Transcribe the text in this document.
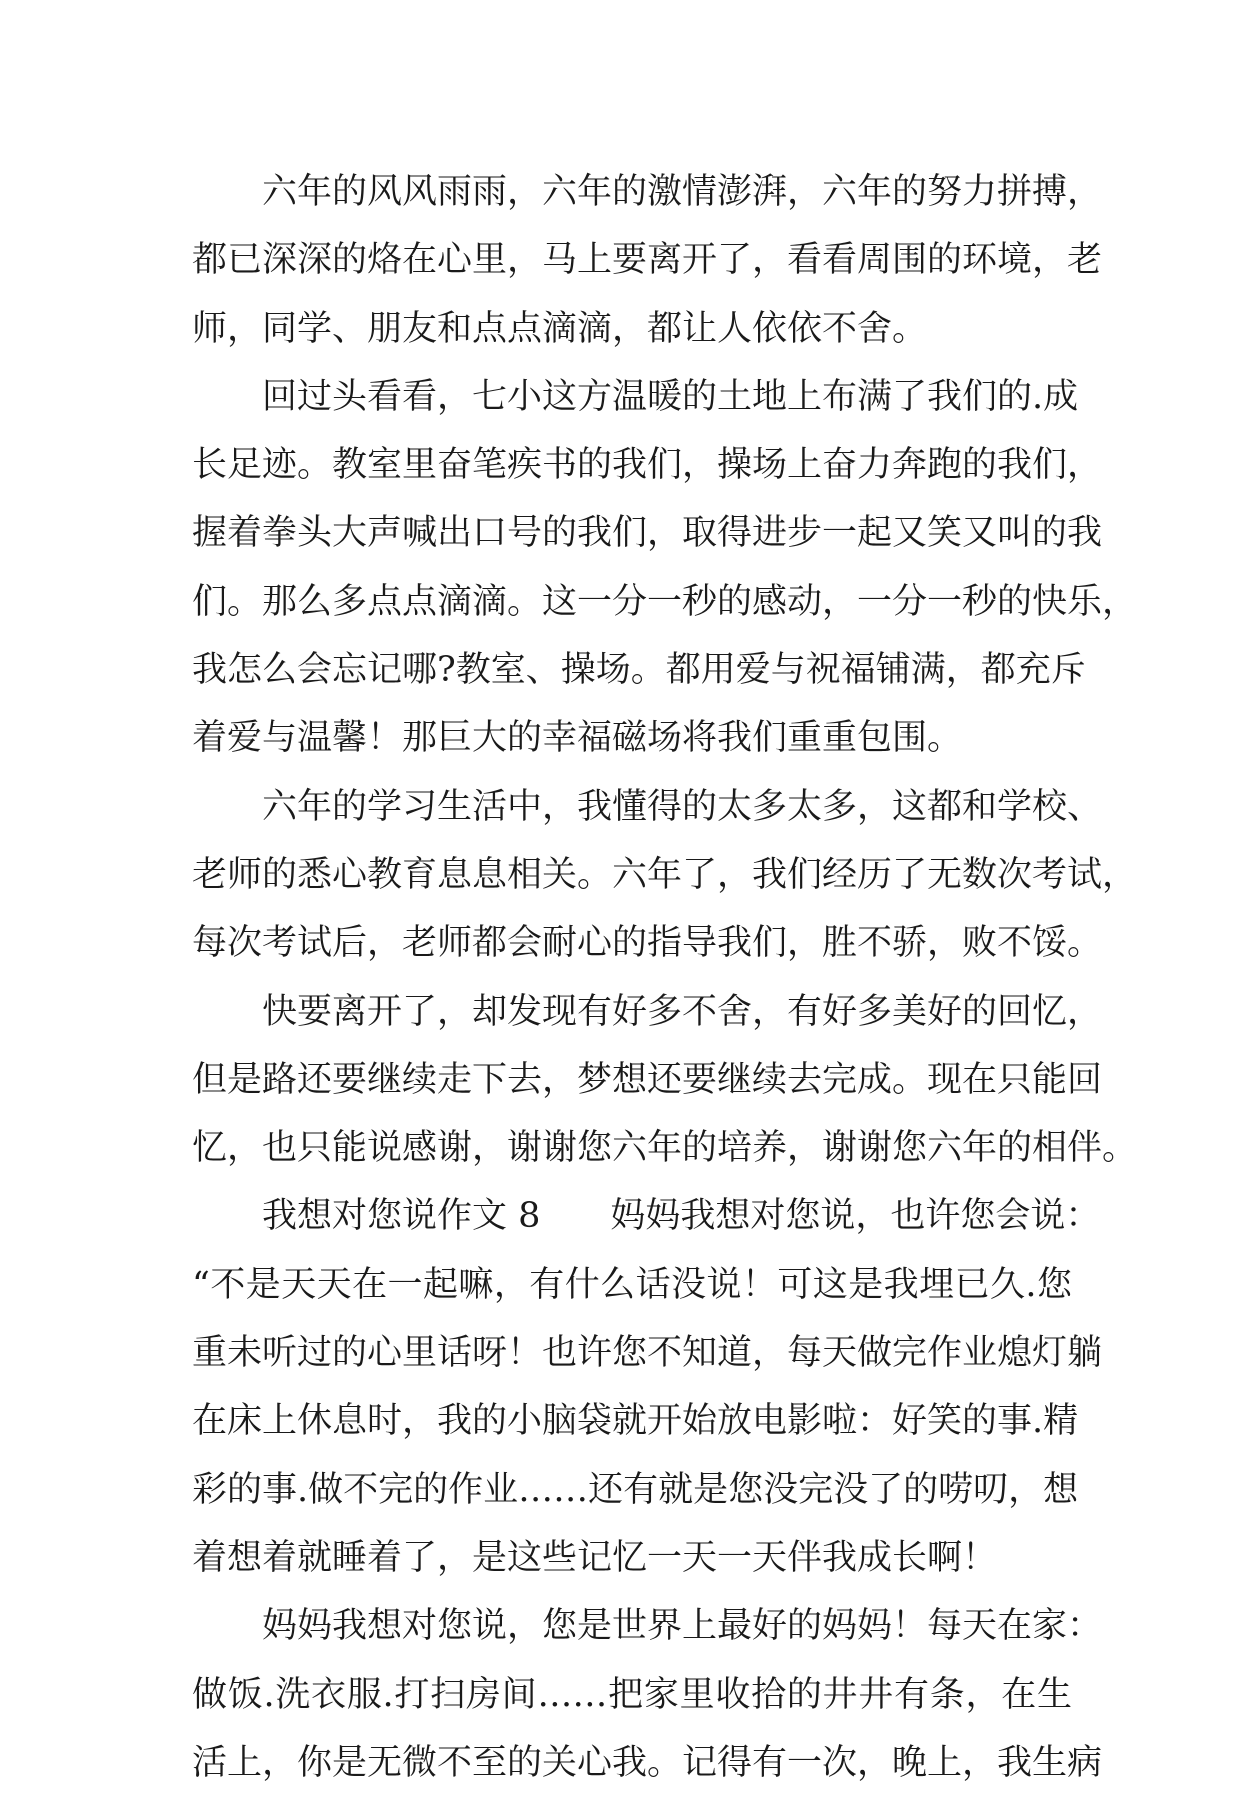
六年的风风雨雨，六年的激情澎湃，六年的努力拼搏，
都已深深的烙在心里，马上要离开了，看看周围的环境，老
师，同学、朋友和点点滴滴，都让人依依不舍。
回过头看看，七小这方温暖的土地上布满了我们的.成
长足迹。教室里奋笔疾书的我们，操场上奋力奔跑的我们，
握着拳头大声喊出口号的我们，取得进步一起又笑又叫的我
们。那么多点点滴滴。这一分一秒的感动，一分一秒的快乐，
我怎么会忘记哪?教室、操场。都用爱与祝福铺满，都充斥
着爱与温馨！那巨大的幸福磁场将我们重重包围。
六年的学习生活中，我懂得的太多太多，这都和学校、
老师的悉心教育息息相关。六年了，我们经历了无数次考试，
每次考试后，老师都会耐心的指导我们，胜不骄，败不馁。
快要离开了，却发现有好多不舍，有好多美好的回忆，
但是路还要继续走下去，梦想还要继续去完成。现在只能回
忆，也只能说感谢，谢谢您六年的培养，谢谢您六年的相伴。
我想对您说作文 8　　妈妈我想对您说，也许您会说：
“不是天天在一起嘛，有什么话没说！可这是我埋已久.您
重未听过的心里话呀！也许您不知道，每天做完作业熄灯躺
在床上休息时，我的小脑袋就开始放电影啦：好笑的事.精
彩的事.做不完的作业……还有就是您没完没了的唠叨，想
着想着就睡着了，是这些记忆一天一天伴我成长啊！
妈妈我想对您说，您是世界上最好的妈妈！每天在家：
做饭.洗衣服.打扫房间……把家里收拾的井井有条，在生
活上，你是无微不至的关心我。记得有一次，晚上，我生病
